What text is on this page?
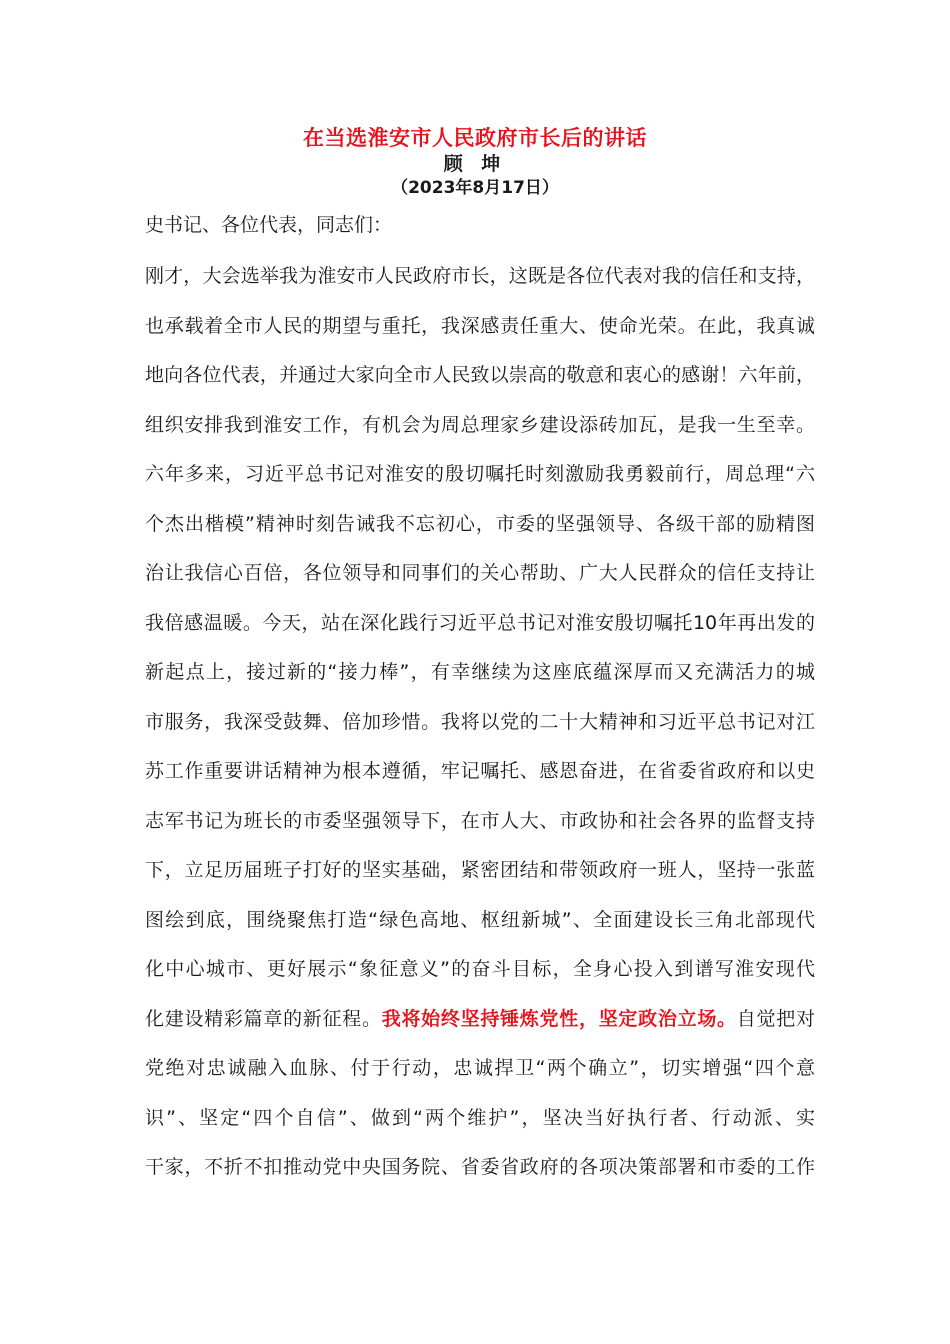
在当选淮安市人民政府市长后的讲话
顾 坤
（2023年8月17日）
史书记、各位代表，同志们：
刚才，大会选举我为淮安市人民政府市长，这既是各位代表对我的信任和支持，
也承载着全市人民的期望与重托，我深感责任重大、使命光荣。在此，我真诚
地向各位代表，并通过大家向全市人民致以崇高的敬意和衷心的感谢！六年前，
组织安排我到淮安工作，有机会为周总理家乡建设添砖加瓦，是我一生至幸。
六年多来，习近平总书记对淮安的殷切嘱托时刻激励我勇毅前行，周总理“六
个杰出楷模”精神时刻告诫我不忘初心，市委的坚强领导、各级干部的励精图
治让我信心百倍，各位领导和同事们的关心帮助、广大人民群众的信任支持让
我倍感温暖。今天，站在深化践行习近平总书记对淮安殷切嘱托10年再出发的
新起点上，接过新的“接力棒”，有幸继续为这座底蕴深厚而又充满活力的城
市服务，我深受鼓舞、倍加珍惜。我将以党的二十大精神和习近平总书记对江
苏工作重要讲话精神为根本遵循，牢记嘱托、感恩奋进，在省委省政府和以史
志军书记为班长的市委坚强领导下，在市人大、市政协和社会各界的监督支持
下，立足历届班子打好的坚实基础，紧密团结和带领政府一班人，坚持一张蓝
图绘到底，围绕聚焦打造“绿色高地、枢纽新城”、全面建设长三角北部现代
化中心城市、更好展示“象征意义”的奋斗目标，全身心投入到谱写淮安现代
化建设精彩篇章的新征程。我将始终坚持锤炼党性，坚定政治立场。自觉把对
党绝对忠诚融入血脉、付于行动，忠诚捍卫“两个确立”，切实增强“四个意
识”、坚定“四个自信”、做到“两个维护”，坚决当好执行者、行动派、实
干家，不折不扣推动党中央国务院、省委省政府的各项决策部署和市委的工作
